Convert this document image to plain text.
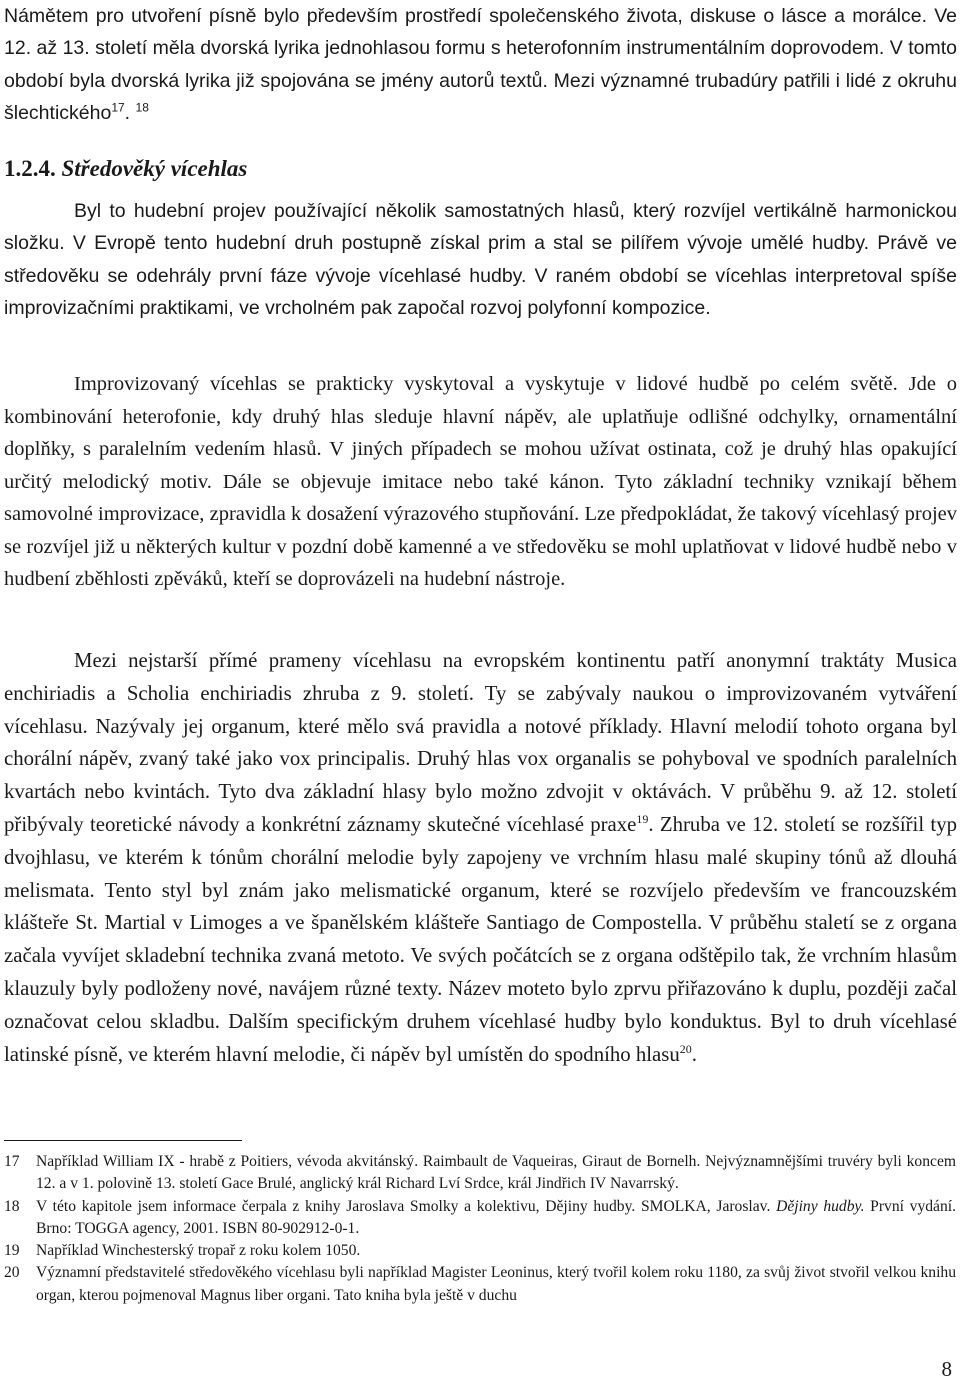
Námětem pro utvoření písně bylo především prostředí společenského života, diskuse o lásce a morálce. Ve 12. až 13. století měla dvorská lyrika jednohlasou formu s heterofonním instrumentálním doprovodem. V tomto období byla dvorská lyrika již spojována se jmény autorů textů. Mezi významné trubadúry patřili i lidé z okruhu šlechtického$^{17}$. $^{18}$

1.2.4. Středověký vícehlas

Byl to hudební projev používající několik samostatných hlasů, který rozvíjel vertikálně harmonickou složku. V Evropě tento hudební druh postupně získal prim a stal se pilířem vývoje umělé hudby. Právě ve středověku se odehrály první fáze vývoje vícehlasé hudby. V raném období se vícehlas interpretoval spíše improvizačními praktikami, ve vrcholném pak započal rozvoj polyfonní kompozice.

Improvizovaný vícehlas se prakticky vyskytoval a vyskytuje v lidové hudbě po celém světě. Jde o kombinování heterofonie, kdy druhý hlas sleduje hlavní nápěv, ale uplatňuje odlišné odchylky, ornamentální doplňky, s paralelním vedením hlasů. V jiných případech se mohou užívat ostinata, což je druhý hlas opakující určitý melodický motiv. Dále se objevuje imitace nebo také kánon. Tyto základní techniky vznikají během samovolné improvizace, zpravidla k dosažení výrazového stupňování. Lze předpokládat, že takový vícehlasý projev se rozvíjel již u některých kultur v pozdní době kamenné a ve středověku se mohl uplatňovat v lidové hudbě nebo v hudbení zběhlosti zpěváků, kteří se doprovázeli na hudební nástroje.

Mezi nejstarší přímé prameny vícehlasu na evropském kontinentu patří anonymní traktáty Musica enchiriadis a Scholia enchiriadis zhruba z 9. století. Ty se zabývaly naukou o improvizovaném vytváření vícehlasu. Nazývaly jej organum, které mělo svá pravidla a notové příklady. Hlavní melodií tohoto organa byl chorální nápěv, zvaný také jako vox principalis. Druhý hlas vox organalis se pohyboval ve spodních paralelních kvartách nebo kvintách. Tyto dva základní hlasy bylo možno zdvojit v oktávách. V průběhu 9. až 12. století přibývaly teoretické návody a konkrétní záznamy skutečné vícehlasé praxe$^{19}$. Zhruba ve 12. století se rozšířil typ dvojhlasu, ve kterém k tónům chorální melodie byly zapojeny ve vrchním hlasu malé skupiny tónů až dlouhá melismata. Tento styl byl znám jako melismatické organum, které se rozvíjelo především ve francouzském klášteře St. Martial v Limoges a ve španělském klášteře Santiago de Compostella. V průběhu staletí se z organa začala vyvíjet skladební technika zvaná metoto. Ve svých počátcích se z organa odštěpilo tak, že vrchním hlasům klauzuly byly podloženy nové, navájem různé texty. Název moteto bylo zprvu přiřazováno k duplu, později začal označovat celou skladbu. Dalším specifickým druhem vícehlasé hudby bylo konduktus. Byl to druh vícehlasé latinské písně, ve kterém hlavní melodie, či nápěv byl umístěn do spodního hlasu$^{20}$.

17	Například William IX - hrabě z Poitiers, vévoda akvitánský. Raimbault de Vaqueiras, Giraut de Bornelh. Nejvýznamnějšími truvéry byli koncem 12. a v 1. polovině 13. století Gace Brulé, anglický král Richard Lví Srdce, král Jindřich IV Navarrský.

18	V této kapitole jsem informace čerpala z knihy Jaroslava Smolky a kolektivu, Dějiny hudby. SMOLKA, Jaroslav. Dějiny hudby. První vydání. Brno: TOGGA agency, 2001. ISBN 80-902912-0-1.

19	Například Winchesterský tropař z roku kolem 1050.

20	Významní představitelé středověkého vícehlasu byli například Magister Leoninus, který tvořil kolem roku 1180, za svůj život stvořil velkou knihu organ, kterou pojmenoval Magnus liber organi. Tato kniha byla ještě v duchu

8
